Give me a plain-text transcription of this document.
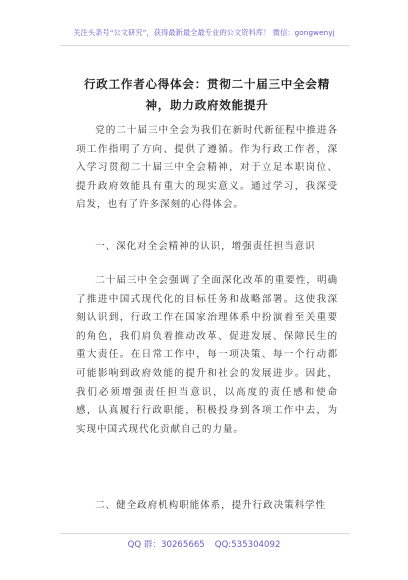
关注头条号“公文研究”，获得最新最全最专业的公文资料库！ 微信：gongwenyj
行政工作者心得体会：贯彻二十届三中全会精神，助力政府效能提升

党的二十届三中全会为我们在新时代新征程中推进各项工作指明了方向、提供了遵循。作为行政工作者，深入学习贯彻二十届三中全会精神，对于立足本职岗位、提升政府效能具有重大的现实意义。通过学习，我深受启发，也有了许多深刻的心得体会。

一、深化对全会精神的认识，增强责任担当意识

二十届三中全会强调了全面深化改革的重要性，明确了推进中国式现代化的目标任务和战略部署。这使我深刻认识到，行政工作在国家治理体系中扮演着至关重要的角色，我们肩负着推动改革、促进发展、保障民生的重大责任。在日常工作中，每一项决策、每一个行动都可能影响到政府效能的提升和社会的发展进步。因此，我们必须增强责任担当意识，以高度的责任感和使命感，认真履行行政职能，积极投身到各项工作中去，为实现中国式现代化贡献自己的力量。

二、健全政府机构职能体系，提升行政决策科学性

QQ 群：30265665 QQ:535304092
